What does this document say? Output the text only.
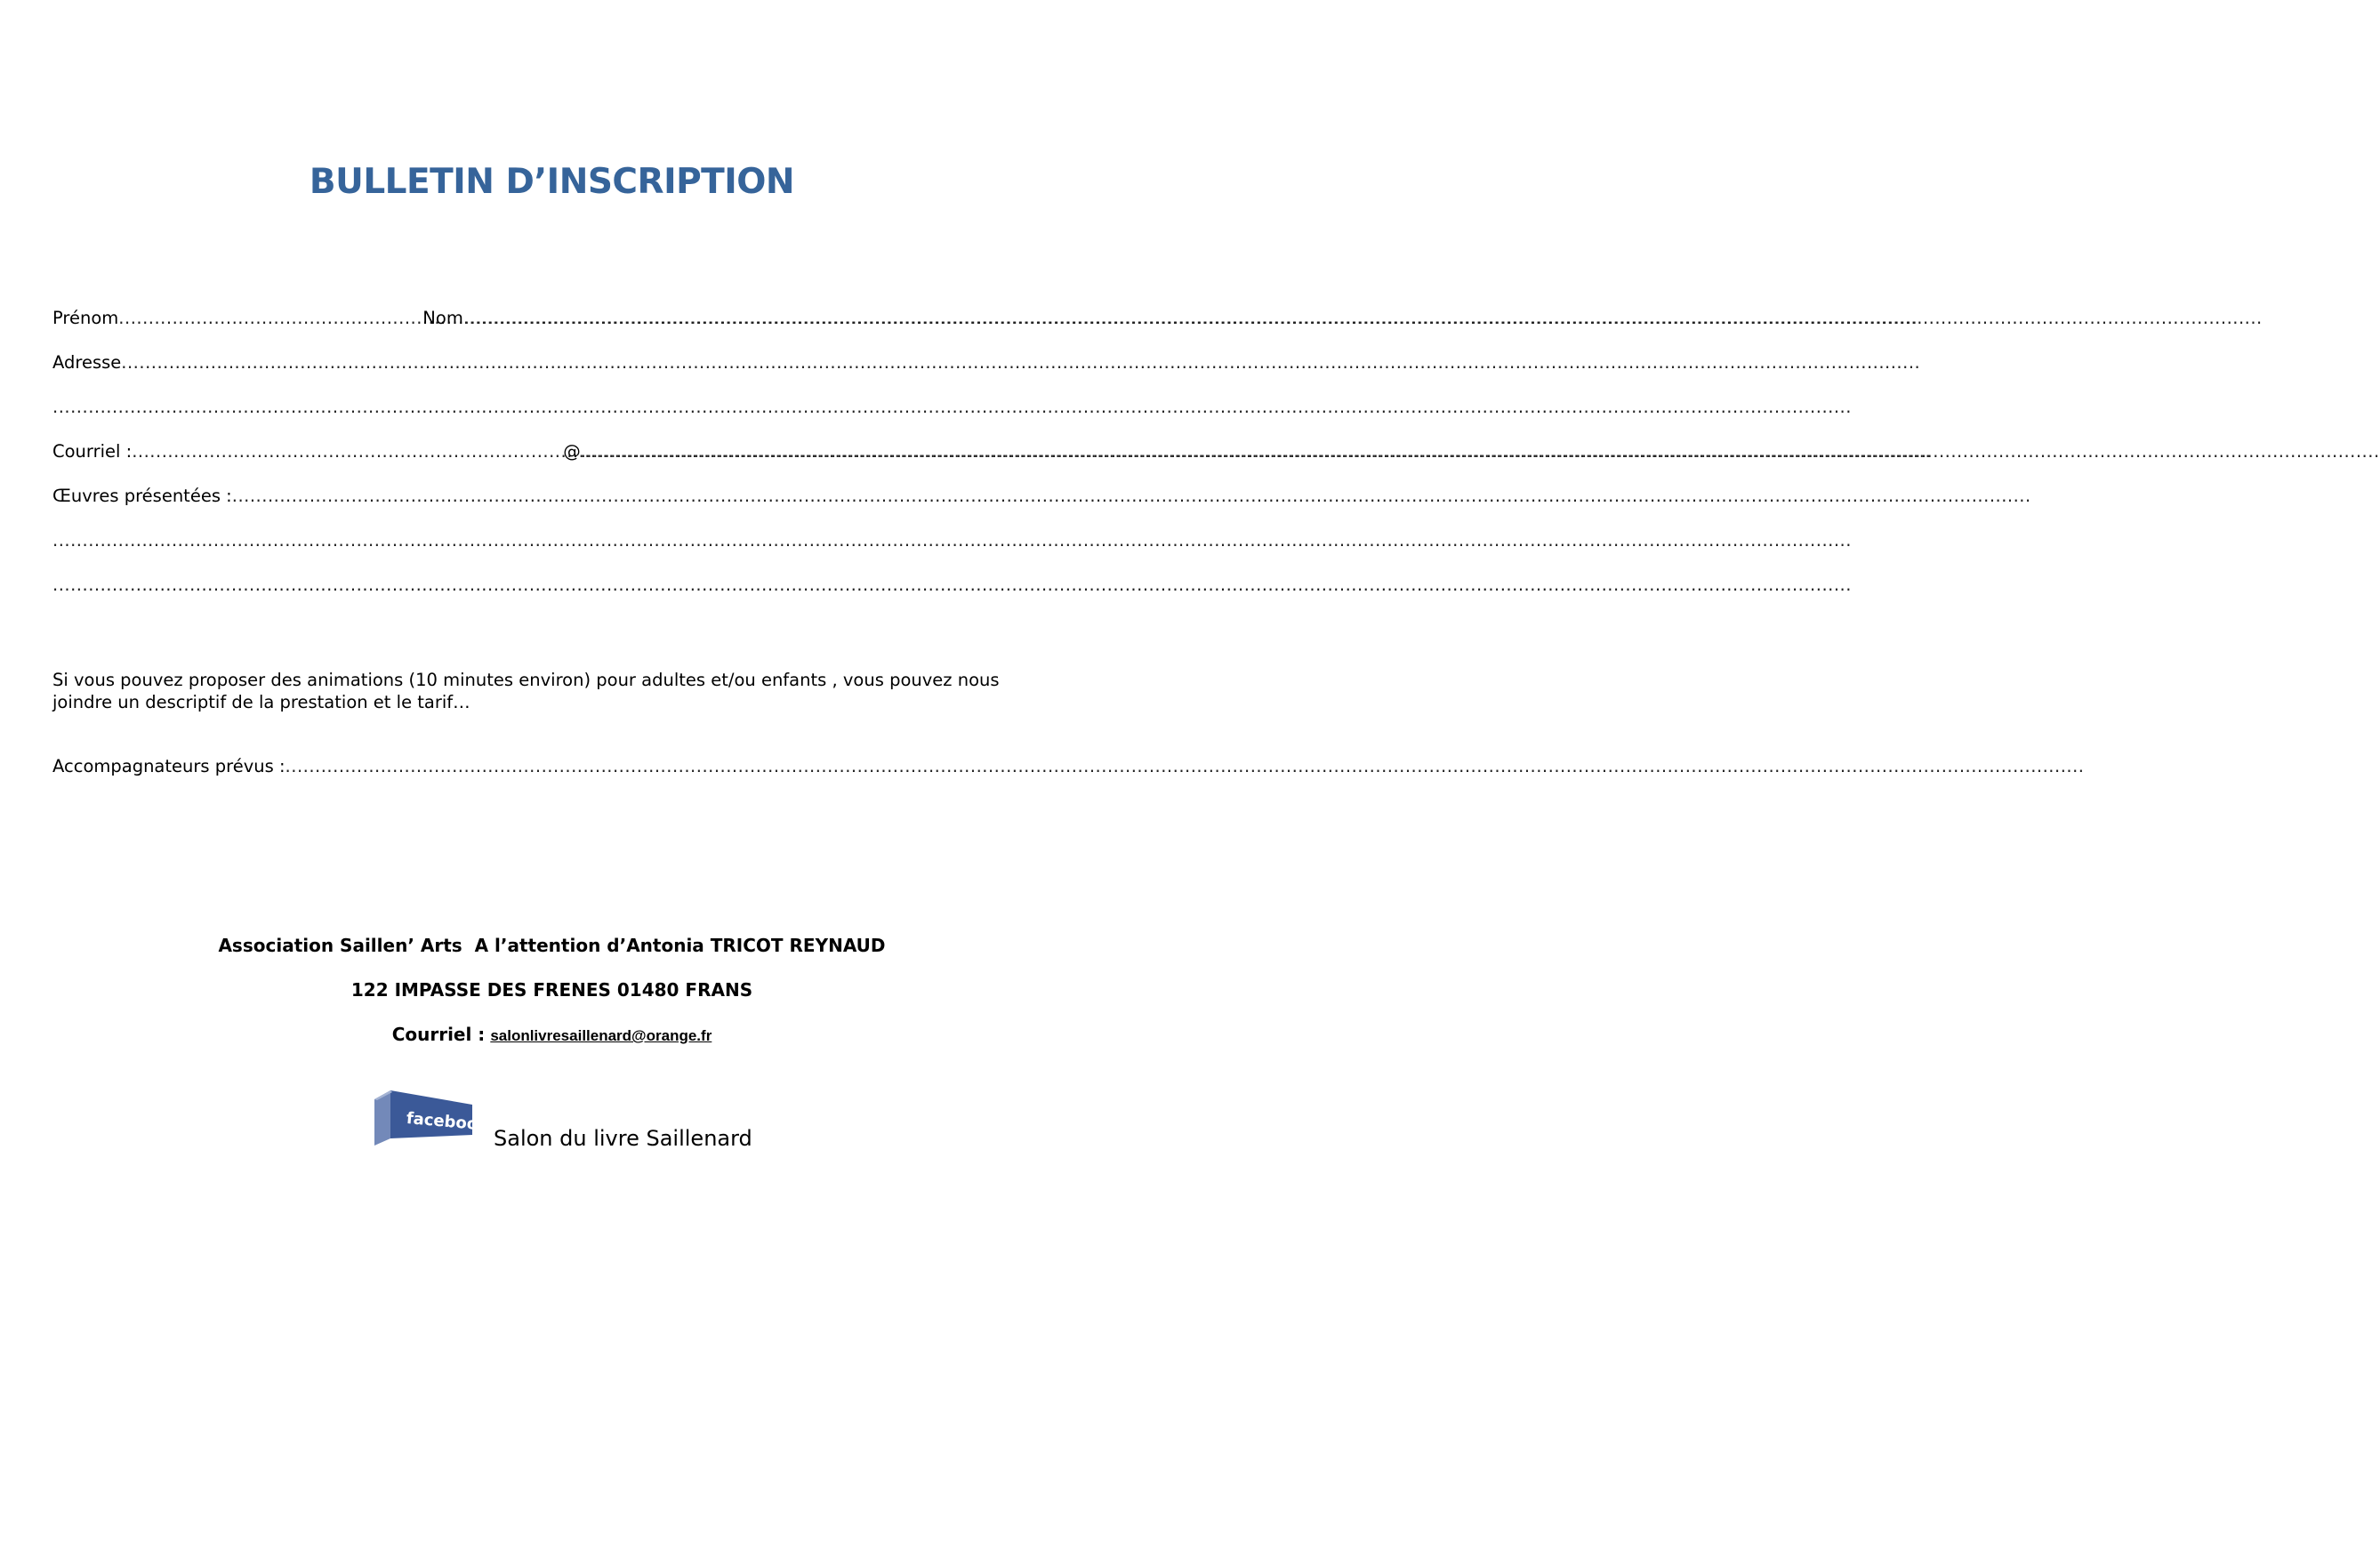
BULLETIN D’INSCRIPTION
Prénom .....	Nom
.....
Adresse
.....
.....
Courriel : .....	@
.....
Œuvres présentées :
.....
.....
.....
Si vous pouvez proposer des animations (10 minutes environ) pour adultes et/ou enfants , vous pouvez nous joindre un descriptif de la prestation et le tarif…
Accompagnateurs prévus :
.....
Association Saillen’ Arts  A l’attention d’Antonia TRICOT REYNAUD
122 IMPASSE DES FRENES 01480 FRANS
Courriel : salonlivresaillenard@orange.fr
facebook
Salon du livre Saillenard
